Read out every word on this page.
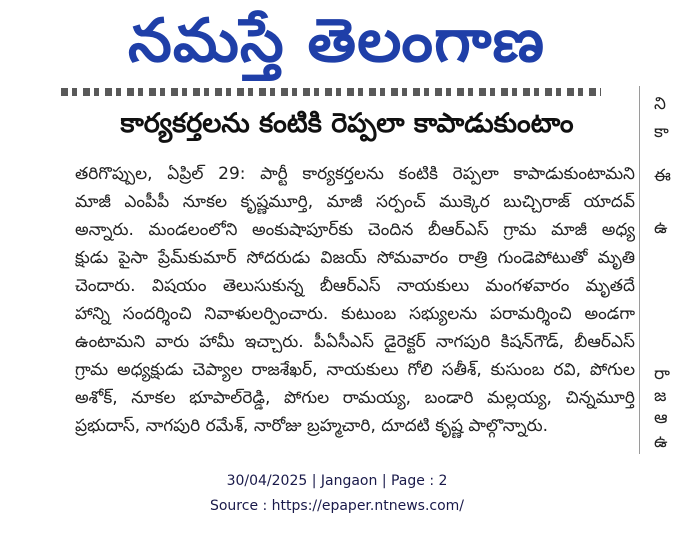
నమస్తే తెలంగాణ
కార్యకర్తలను కంటికి రెప్పలా కాపాడుకుంటాం
తరిగొప్పుల, ఏప్రిల్ 29: పార్టీ కార్యకర్తలను కంటికి రెప్పలా కాపాడుకుంటామని
మాజీ ఎంపీపీ నూకల కృష్ణమూర్తి, మాజీ సర్పంచ్ ముక్కెర బుచ్చిరాజ్ యాదవ్
అన్నారు. మండలంలోని అంకుషాపూర్‌కు చెందిన బీఆర్‌ఎస్ గ్రామ మాజీ అధ్య
క్షుడు పైసా ప్రేమ్‌కుమార్ సోదరుడు విజయ్ సోమవారం రాత్రి గుండెపోటుతో మృతి
చెందారు. విషయం తెలుసుకున్న బీఆర్‌ఎస్ నాయకులు మంగళవారం మృతదే
హాన్ని సందర్శించి నివాళులర్పించారు. కుటుంబ సభ్యులను పరామర్శించి అండగా
ఉంటామని వారు హామీ ఇచ్చారు. పీఏసీఎస్ డైరెక్టర్ నాగపురి కిషన్‌గౌడ్, బీఆర్‌ఎస్
గ్రామ అధ్యక్షుడు చెప్యాల రాజశేఖర్, నాయకులు గోలి సతీశ్, కుసుంబ రవి, పోగుల
అశోక్, నూకల భూపాల్‌రెడ్డి, పోగుల రామయ్య, బండారి మల్లయ్య, చిన్నమూర్తి
ప్రభుదాస్, నాగపురి రమేశ్, నారోజు బ్రహ్మచారి, దూదటి కృష్ణ పాల్గొన్నారు.
ని
కా
ఈ
ఉ
రా
జ
ఆ
ఉ
30/04/2025 | Jangaon | Page : 2
Source : https://epaper.ntnews.com/
